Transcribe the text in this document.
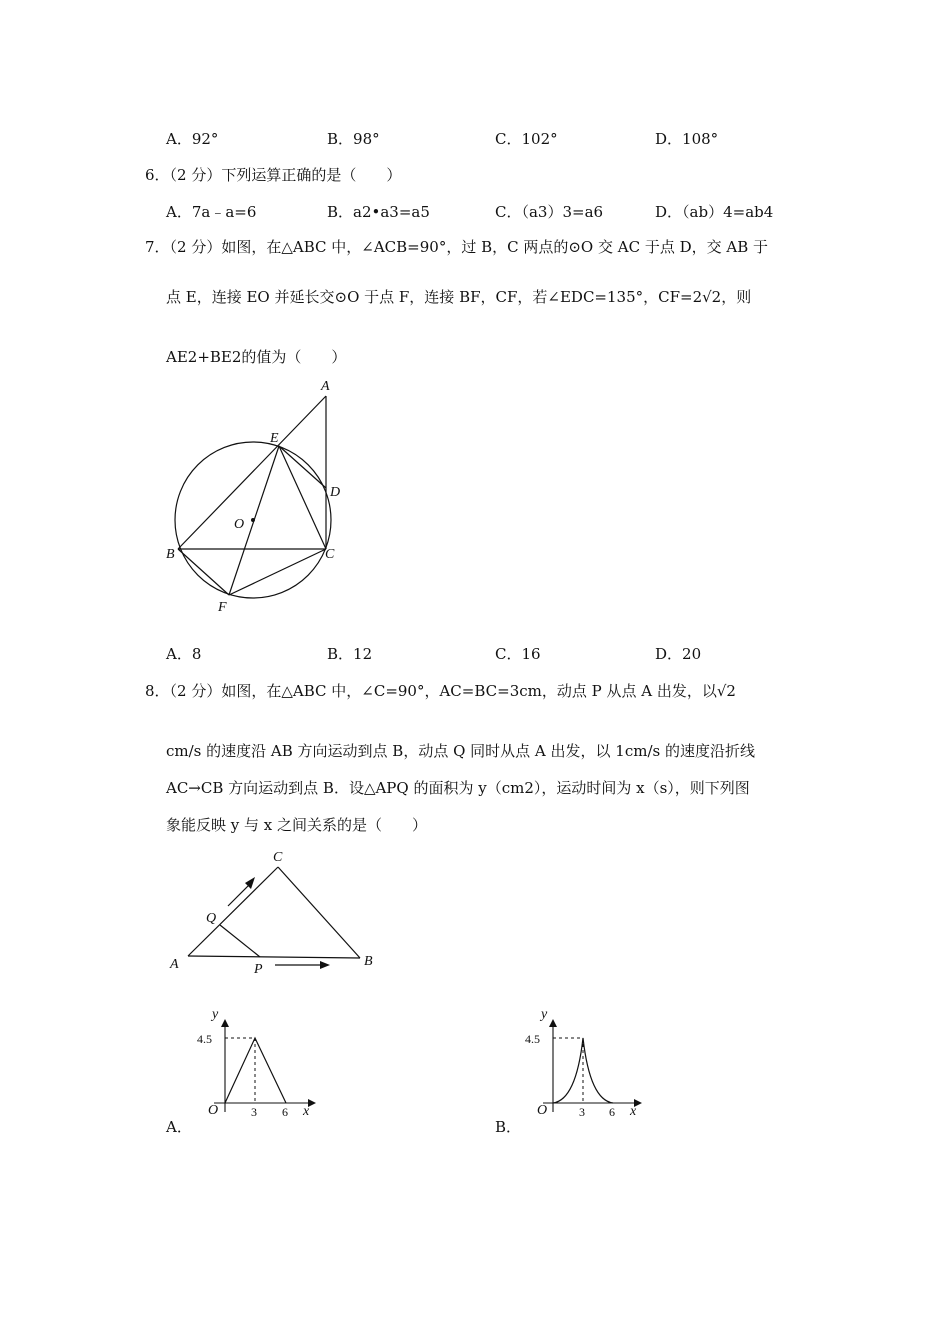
A．92°	B．98°	C．102°	D．108°
6．（2 分）下列运算正确的是（　　）
A．7a﹣a=6	B．a2•a3=a5	C．（a3）3=a6	D．（ab）4=ab4
7．（2 分）如图，在△ABC 中，∠ACB=90°，过 B，C 两点的⊙O 交 AC 于点 D，交 AB 于
点 E，连接 EO 并延长交⊙O 于点 F，连接 BF，CF，若∠EDC=135°，CF=2√2，则
AE2+BE2的值为（　　）
A
E
D
O
B	C
F
A．8	B．12	C．16	D．20
8．（2 分）如图，在△ABC 中，∠C=90°，AC=BC=3cm，动点 P 从点 A 出发，以√2
cm/s 的速度沿 AB 方向运动到点 B，动点 Q 同时从点 A 出发，以 1cm/s 的速度沿折线
AC→CB 方向运动到点 B．设△APQ 的面积为 y（cm2），运动时间为 x（s），则下列图
象能反映 y 与 x 之间关系的是（　　）
C
Q
A	P
B
y
4.5
O	3 6 x
A．
y
4.5
O	3 6 x
B．
